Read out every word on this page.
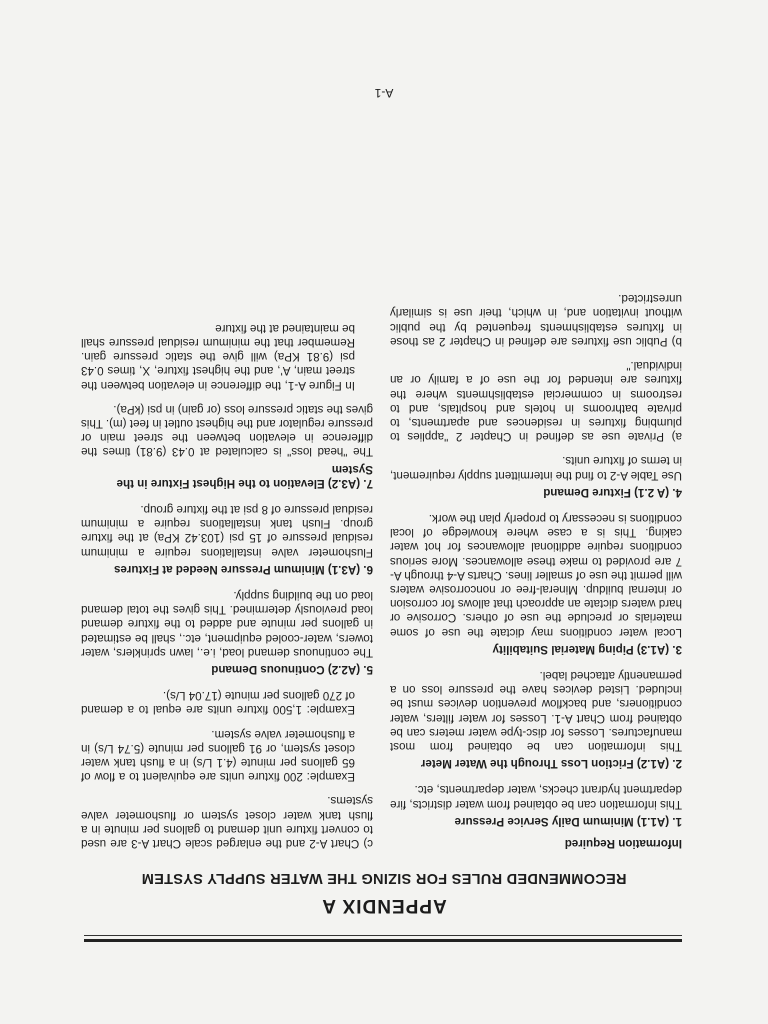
APPENDIX A
RECOMMENDED RULES FOR SIZING THE WATER SUPPLY SYSTEM
Information Required
1. (A1.1) Minimum Daily Service Pressure
This information can be obtained from water districts, fire department hydrant checks, water departments, etc.
2. (A1.2) Friction Loss Through the Water Meter
This information can be obtained from most manufactures. Losses for disc-type water meters can be obtained from Chart A-1. Losses for water filters, water conditioners, and backflow prevention devices must be included. Listed devices have the pressure loss on a permanently attached label.
3. (A1.3) Piping Material Suitability
Local water conditions may dictate the use of some materials or preclude the use of others. Corrosive or hard waters dictate an approach that allows for corrosion or internal buildup. Mineral-free or noncorrosive waters will permit the use of smaller lines. Charts A-4 through A-7 are provided to make these allowances. More serious conditions require additional allowances for hot water caking. This is a case where knowledge of local conditions is necessary to properly plan the work.
4. (A 2.1) Fixture Demand
Use Table A-2 to find the intermittent supply requirement, in terms of fixture units.
a) Private use as defined in Chapter 2 "applies to plumbing fixtures in residences and apartments, to private bathrooms in hotels and hospitals, and to restrooms in commercial establishments where the fixtures are intended for the use of a family or an individual."
b) Public use fixtures are defined in Chapter 2 as those in fixtures establishments frequented by the public without invitation and, in which, their use is similarly unrestricted.
c) Chart A-2 and the enlarged scale Chart A-3 are used to convert fixture unit demand to gallons per minute in a flush tank water closet system or flushometer valve systems.
Example: 200 fixture units are equivalent to a flow of 65 gallons per minute (4.1 L/s) in a flush tank water closet system, or 91 gallons per minute (5.74 L/s) in a flushometer valve system.
Example: 1,500 fixture units are equal to a demand of 270 gallons per minute (17.04 L/s).
5. (A2.2) Continuous Demand
The continuous demand load, i.e., lawn sprinklers, water towers, water-cooled equipment, etc., shall be estimated in gallons per minute and added to the fixture demand load previously determined. This gives the total demand load on the building supply.
6. (A3.1) Minimum Pressure Needed at Fixtures
Flushometer valve installations require a minimum residual pressure of 15 psi (103.42 KPa) at the fixture group. Flush tank installations require a minimum residual pressure of 8 psi at the fixture group.
7. (A3.2) Elevation to the Highest Fixture in the System
The "head loss" is calculated at 0.43 (9.81) times the difference in elevation between the street main or pressure regulator and the highest outlet in feet (m). This gives the static pressure loss (or gain) in psi (kPa).
In Figure A-1, the difference in elevation between the street main, A', and the highest fixture, X, times 0.43 psi (9.81 KPa) will give the static pressure gain. Remember that the minimum residual pressure shall be maintained at the fixture
A-1
